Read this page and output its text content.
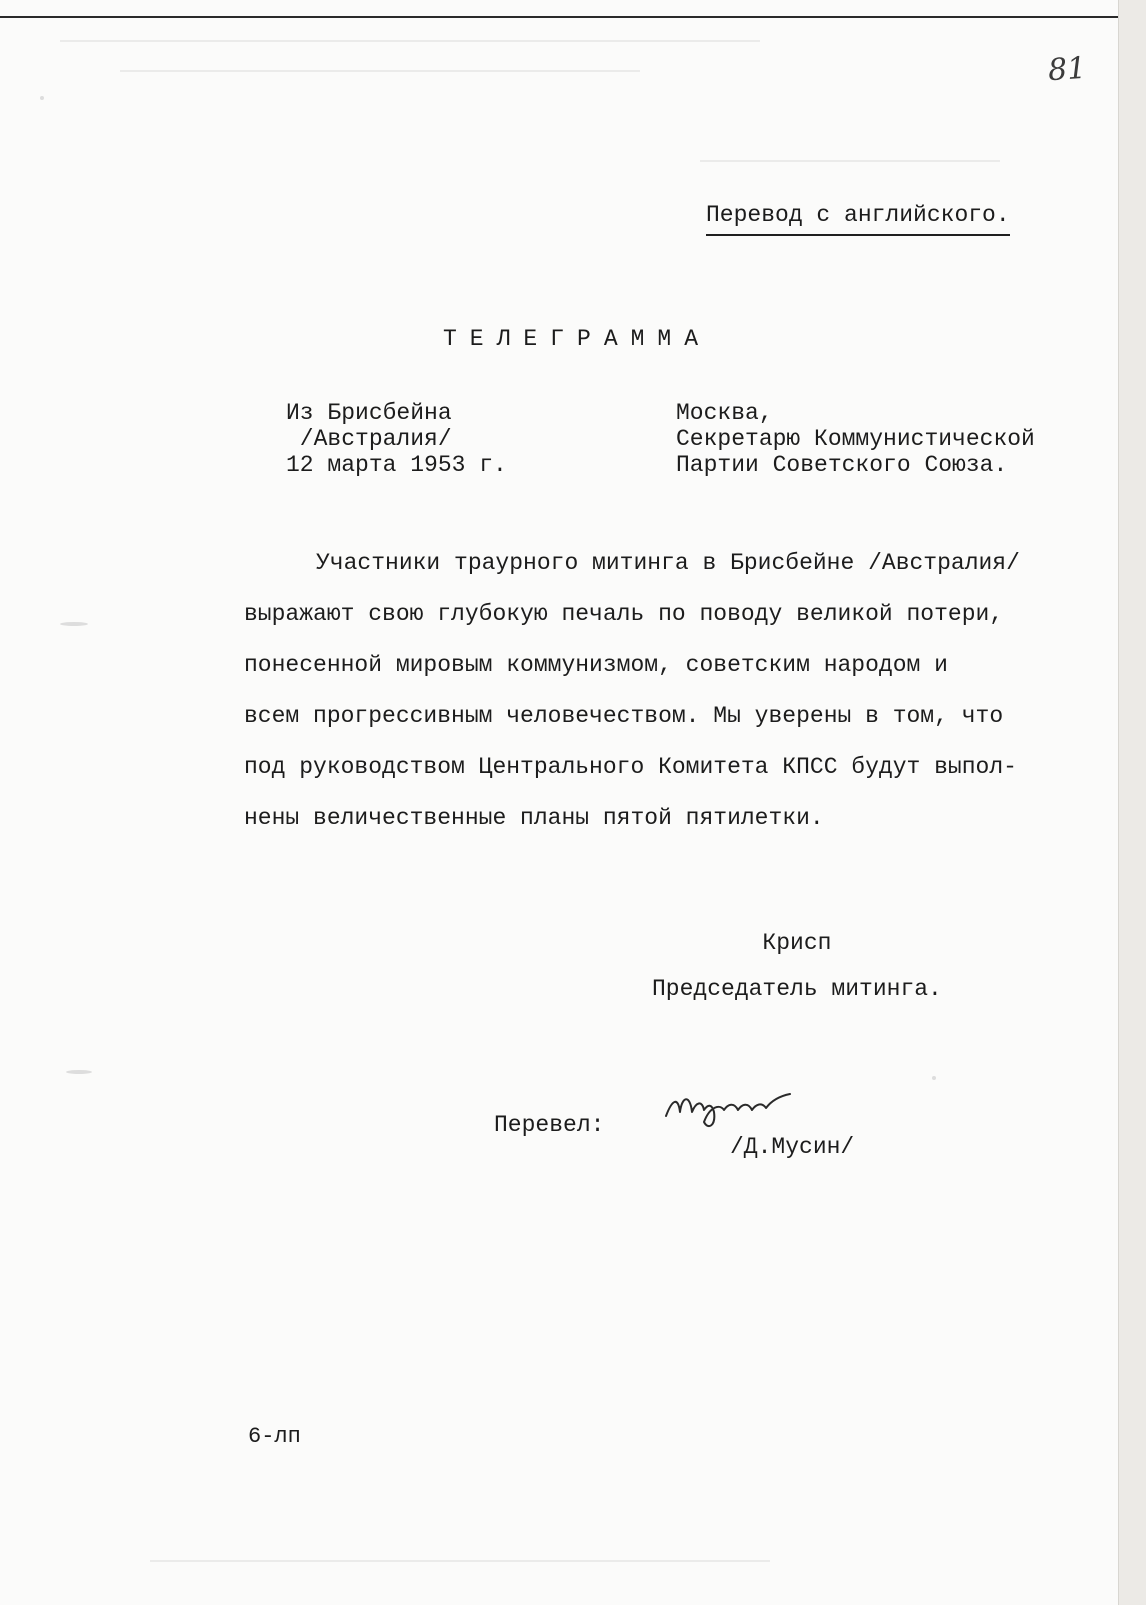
81
Перевод с английского.
ТЕЛЕГРАММА
Из Брисбейна
/Австралия/
12 марта 1953 г.
Москва,
Секретарю Коммунистической
Партии Советского Союза.
Участники траурного митинга в Брисбейне /Австралия/
выражают свою глубокую печаль по поводу великой потери,
понесенной мировым коммунизмом, советским народом и
всем прогрессивным человечеством. Мы уверены в том, что
под руководством Центрального Комитета КПСС будут выпол-
нены величественные планы пятой пятилетки.
Крисп
Председатель митинга.
Перевел:
/Д.Мусин/
6-лп
